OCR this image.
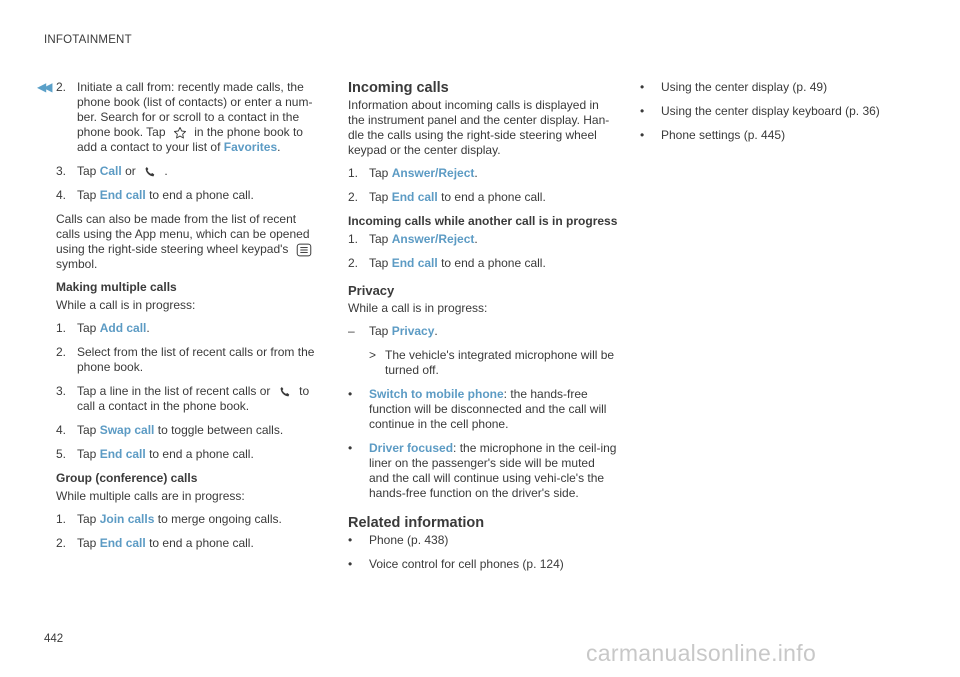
INFOTAINMENT
◀◀ 2. Initiate a call from: recently made calls, the phone book (list of contacts) or enter a num-ber. Search for or scroll to a contact in the phone book. Tap in the phone book to add a contact to your list of Favorites.
3. Tap Call or .
4. Tap End call to end a phone call.
Calls can also be made from the list of recent calls using the App menu, which can be opened using the right-side steering wheel keypad's  symbol.
Making multiple calls
While a call is in progress:
1. Tap Add call.
2. Select from the list of recent calls or from the phone book.
3. Tap a line in the list of recent calls or to call a contact in the phone book.
4. Tap Swap call to toggle between calls.
5. Tap End call to end a phone call.
Group (conference) calls
While multiple calls are in progress:
1. Tap Join calls to merge ongoing calls.
2. Tap End call to end a phone call.
Incoming calls
Information about incoming calls is displayed in the instrument panel and the center display. Han-dle the calls using the right-side steering wheel keypad or the center display.
1. Tap Answer/Reject.
2. Tap End call to end a phone call.
Incoming calls while another call is in progress
1. Tap Answer/Reject.
2. Tap End call to end a phone call.
Privacy
While a call is in progress:
– Tap Privacy.
> The vehicle's integrated microphone will be turned off.
• Switch to mobile phone: the hands-free function will be disconnected and the call will continue in the cell phone.
• Driver focused: the microphone in the ceil-ing liner on the passenger's side will be muted and the call will continue using vehi-cle's the hands-free function on the driver's side.
Related information
• Phone (p. 438)
• Voice control for cell phones (p. 124)
• Using the center display (p. 49)
• Using the center display keyboard (p. 36)
• Phone settings (p. 445)
442
carmanualsonline.info
